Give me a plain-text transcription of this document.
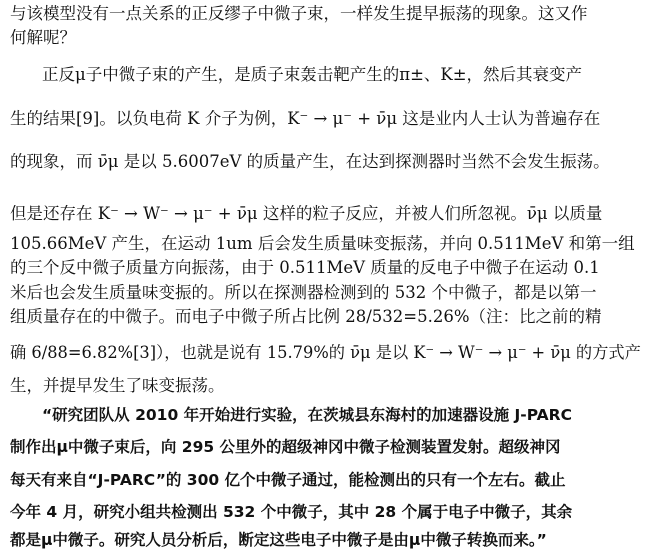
与该模型没有一点关系的正反缪子中微子束，一样发生提早振荡的现象。这又作
何解呢？
正反μ子中微子束的产生，是质子束轰击靶产生的π±、K±，然后其衰变产
生的结果[9]。以负电荷 K 介子为例，K⁻ → μ⁻ + ν̄μ 这是业内人士认为普遍存在
的现象，而 ν̄μ 是以 5.6007eV 的质量产生，在达到探测器时当然不会发生振荡。
但是还存在 K⁻ → W⁻ → μ⁻ + ν̄μ 这样的粒子反应，并被人们所忽视。ν̄μ 以质量
105.66MeV 产生，在运动 1um 后会发生质量味变振荡，并向 0.511MeV 和第一组
的三个反中微子质量方向振荡，由于 0.511MeV 质量的反电子中微子在运动 0.1
米后也会发生质量味变振的。所以在探测器检测到的 532 个中微子，都是以第一
组质量存在的中微子。而电子中微子所占比例 28/532=5.26%（注：比之前的精
确 6/88=6.82%[3]），也就是说有 15.79%的 ν̄μ 是以 K⁻ → W⁻ → μ⁻ + ν̄μ 的方式产
生，并提早发生了味变振荡。
“研究团队从 2010 年开始进行实验，在茨城县东海村的加速器设施 J-PARC
制作出μ中微子束后，向 295 公里外的超级神冈中微子检测装置发射。超级神冈
每天有来自“J-PARC”的 300 亿个中微子通过，能检测出的只有一个左右。截止
今年 4 月，研究小组共检测出 532 个中微子，其中 28 个属于电子中微子，其余
都是μ中微子。研究人员分析后，断定这些电子中微子是由μ中微子转换而来。”
